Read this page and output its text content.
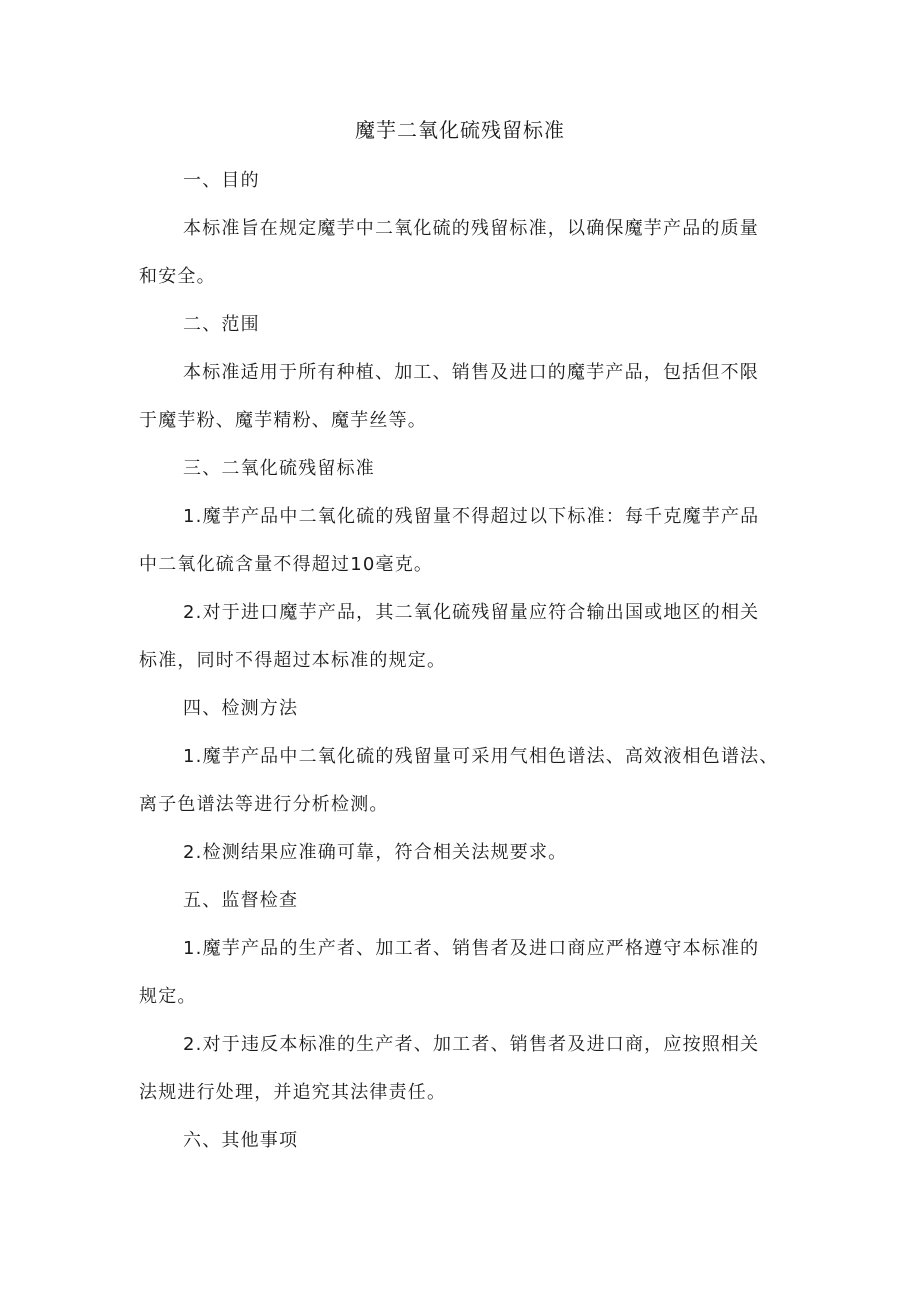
魔芋二氧化硫残留标准

一、目的

本标准旨在规定魔芋中二氧化硫的残留标准，以确保魔芋产品的质量
和安全。

二、范围

本标准适用于所有种植、加工、销售及进口的魔芋产品，包括但不限
于魔芋粉、魔芋精粉、魔芋丝等。

三、二氧化硫残留标准

1.魔芋产品中二氧化硫的残留量不得超过以下标准：每千克魔芋产品
中二氧化硫含量不得超过10毫克。

2.对于进口魔芋产品，其二氧化硫残留量应符合输出国或地区的相关
标准，同时不得超过本标准的规定。

四、检测方法

1.魔芋产品中二氧化硫的残留量可采用气相色谱法、高效液相色谱法、
离子色谱法等进行分析检测。

2.检测结果应准确可靠，符合相关法规要求。

五、监督检查

1.魔芋产品的生产者、加工者、销售者及进口商应严格遵守本标准的
规定。

2.对于违反本标准的生产者、加工者、销售者及进口商，应按照相关
法规进行处理，并追究其法律责任。

六、其他事项
